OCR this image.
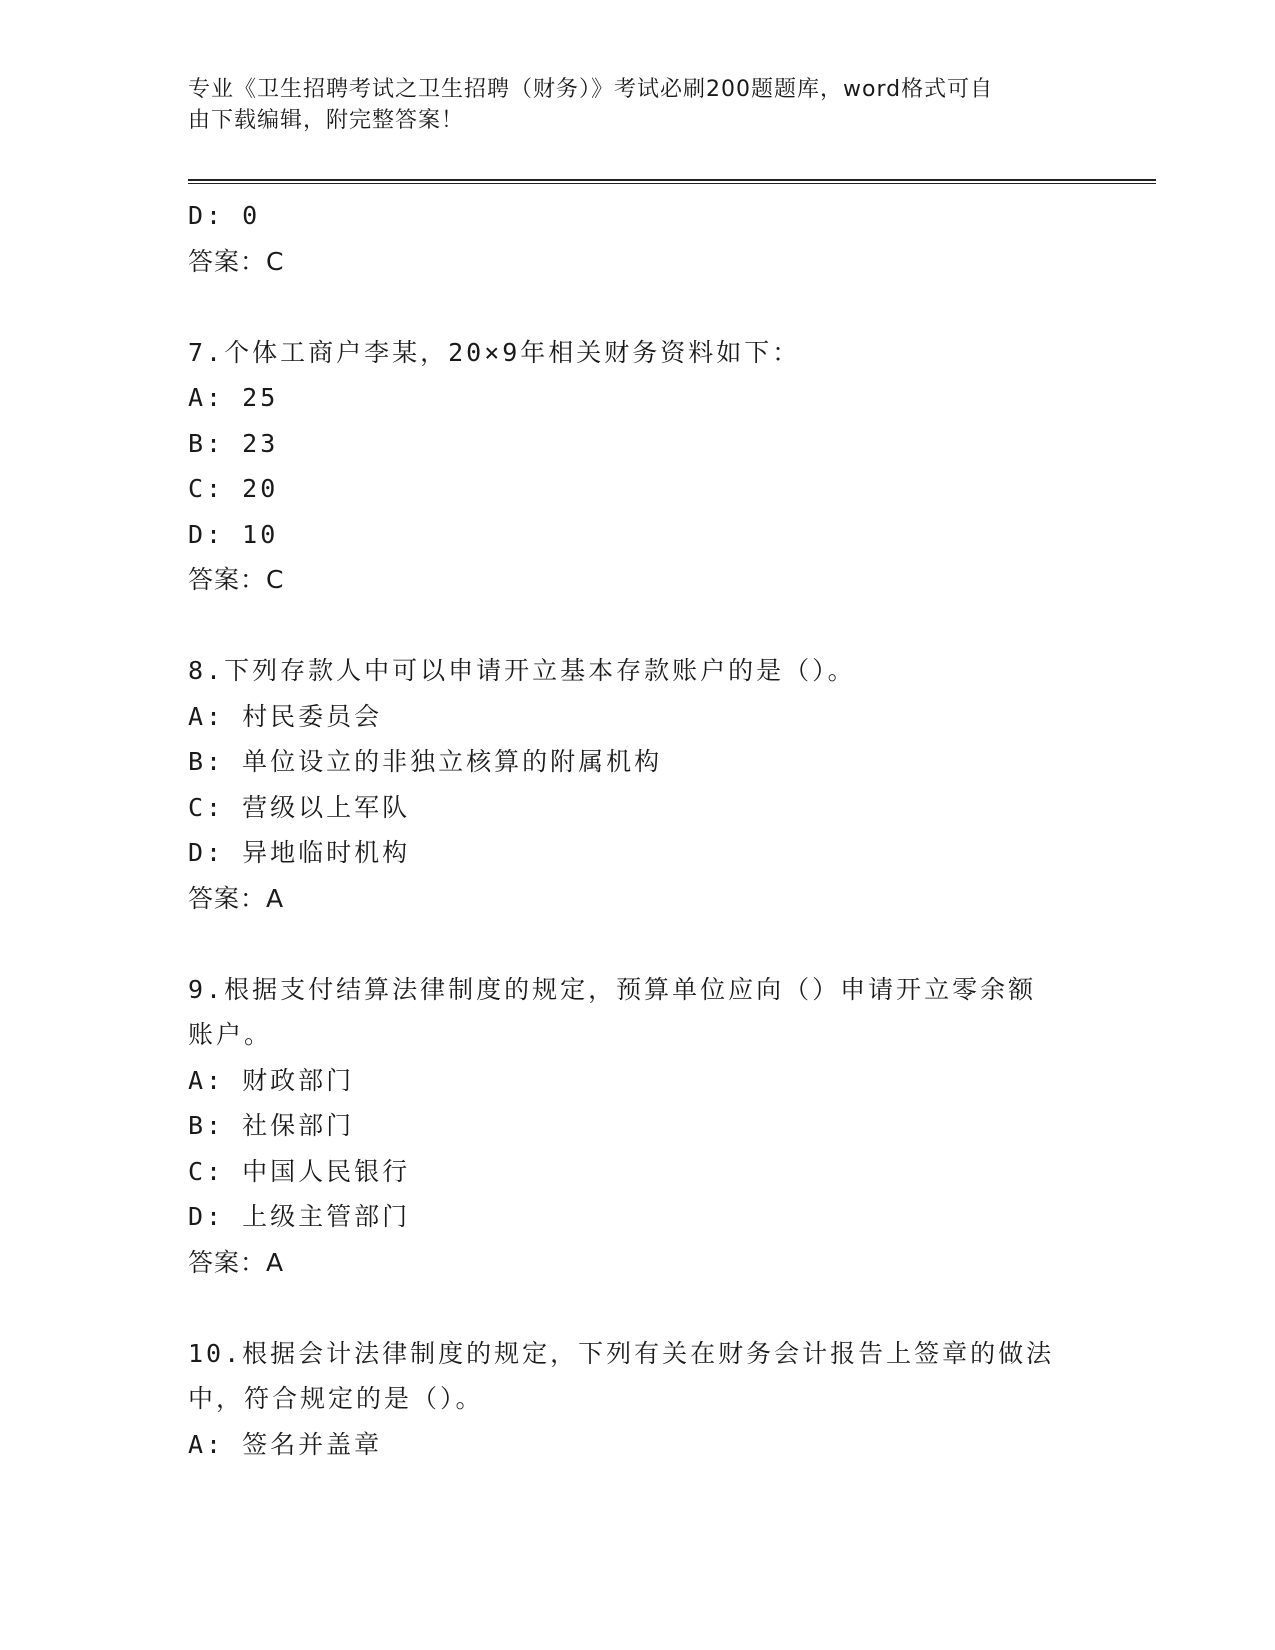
专业《卫生招聘考试之卫生招聘（财务）》考试必刷200题题库，word格式可自
由下载编辑，附完整答案！
D: 0
答案：C
7.个体工商户李某，20×9年相关财务资料如下：
A: 25
B: 23
C: 20
D: 10
答案：C
8.下列存款人中可以申请开立基本存款账户的是（）。
A: 村民委员会
B: 单位设立的非独立核算的附属机构
C: 营级以上军队
D: 异地临时机构
答案：A
9.根据支付结算法律制度的规定，预算单位应向（）申请开立零余额
账户。
A: 财政部门
B: 社保部门
C: 中国人民银行
D: 上级主管部门
答案：A
10.根据会计法律制度的规定，下列有关在财务会计报告上签章的做法
中，符合规定的是（）。
A: 签名并盖章
